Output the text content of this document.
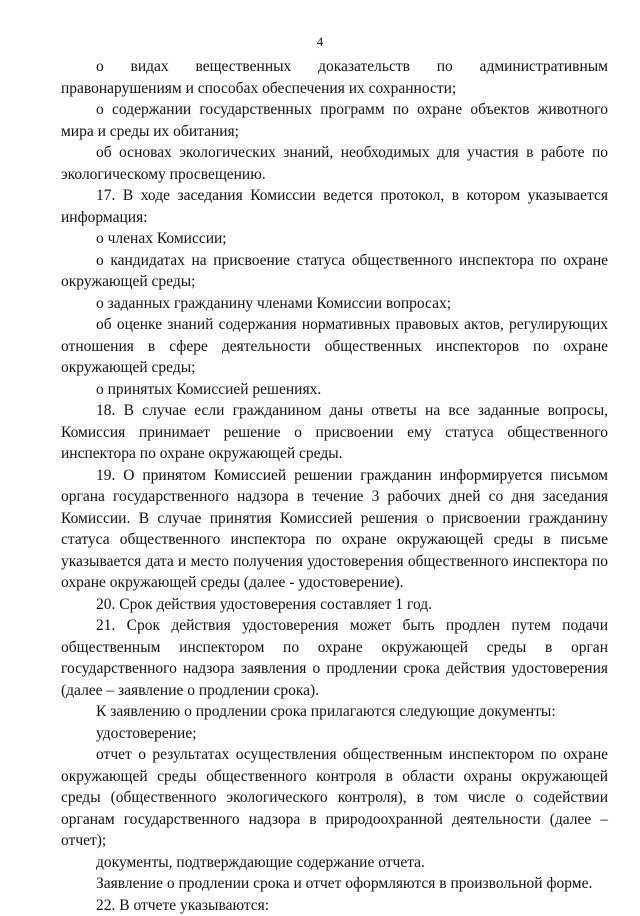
4

о видах вещественных доказательств по административным правонарушениям и способах обеспечения их сохранности;

о содержании государственных программ по охране объектов животного мира и среды их обитания;

об основах экологических знаний, необходимых для участия в работе по экологическому просвещению.

17. В ходе заседания Комиссии ведется протокол, в котором указывается информация:

о членах Комиссии;

о кандидатах на присвоение статуса общественного инспектора по охране окружающей среды;

о заданных гражданину членами Комиссии вопросах;

об оценке знаний содержания нормативных правовых актов, регулирующих отношения в сфере деятельности общественных инспекторов по охране окружающей среды;

о принятых Комиссией решениях.

18. В случае если гражданином даны ответы на все заданные вопросы, Комиссия принимает решение о присвоении ему статуса общественного инспектора по охране окружающей среды.

19. О принятом Комиссией решении гражданин информируется письмом органа государственного надзора в течение 3 рабочих дней со дня заседания Комиссии. В случае принятия Комиссией решения о присвоении гражданину статуса общественного инспектора по охране окружающей среды в письме указывается дата и место получения удостоверения общественного инспектора по охране окружающей среды (далее - удостоверение).

20. Срок действия удостоверения составляет 1 год.

21. Срок действия удостоверения может быть продлен путем подачи общественным инспектором по охране окружающей среды в орган государственного надзора заявления о продлении срока действия удостоверения (далее – заявление о продлении срока).

К заявлению о продлении срока прилагаются следующие документы:

удостоверение;

отчет о результатах осуществления общественным инспектором по охране окружающей среды общественного контроля в области охраны окружающей среды (общественного экологического контроля), в том числе о содействии органам государственного надзора в природоохранной деятельности (далее – отчет);

документы, подтверждающие содержание отчета.

Заявление о продлении срока и отчет оформляются в произвольной форме.

22. В отчете указываются:
